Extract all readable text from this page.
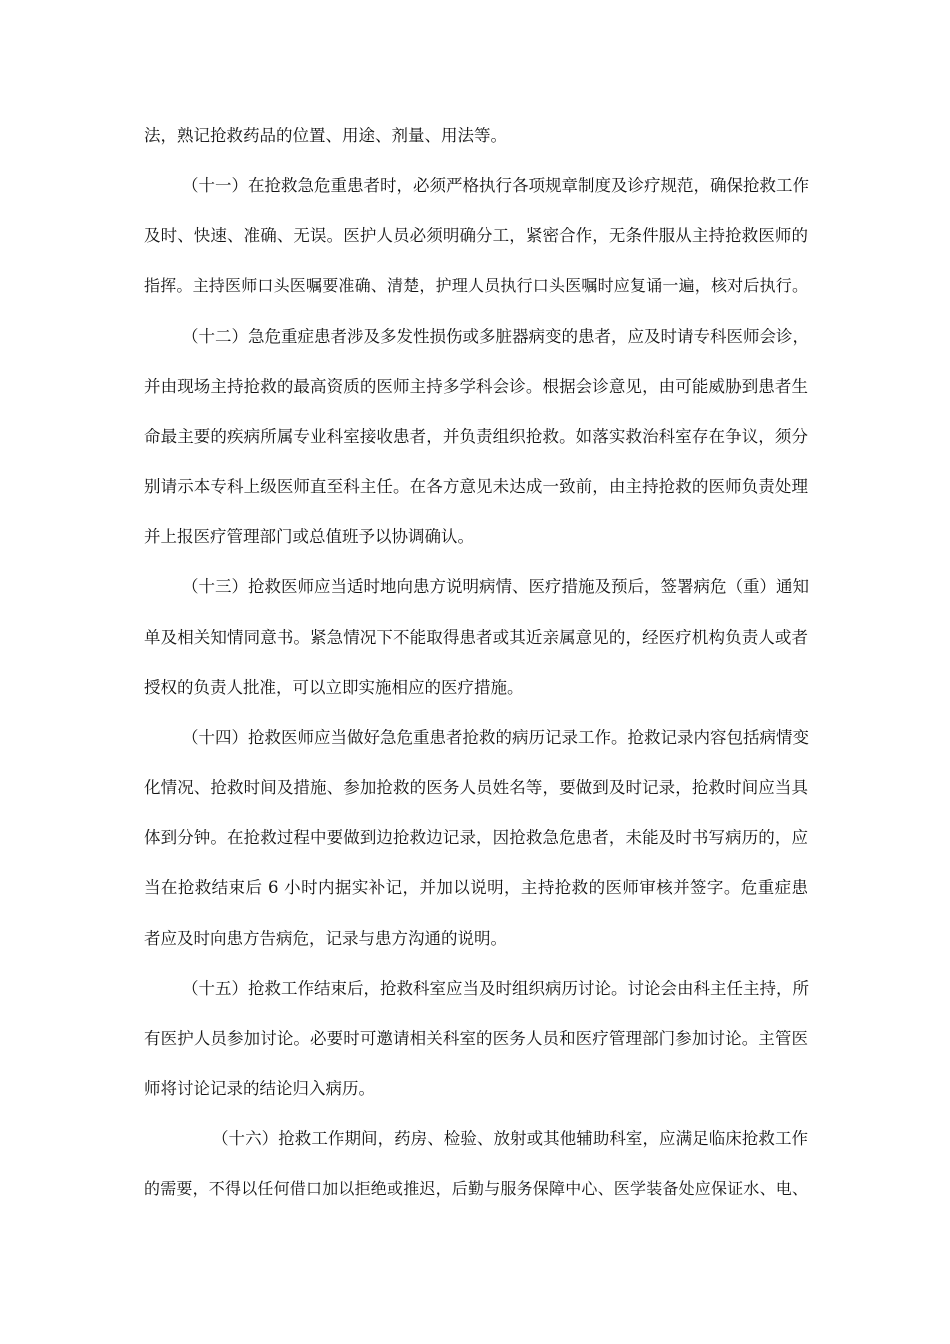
法，熟记抢救药品的位置、用途、剂量、用法等。
（十一）在抢救急危重患者时，必须严格执行各项规章制度及诊疗规范，确保抢救工作
及时、快速、准确、无误。医护人员必须明确分工，紧密合作，无条件服从主持抢救医师的
指挥。主持医师口头医嘱要准确、清楚，护理人员执行口头医嘱时应复诵一遍，核对后执行。
（十二）急危重症患者涉及多发性损伤或多脏器病变的患者，应及时请专科医师会诊，
并由现场主持抢救的最高资质的医师主持多学科会诊。根据会诊意见，由可能威胁到患者生
命最主要的疾病所属专业科室接收患者，并负责组织抢救。如落实救治科室存在争议，须分
别请示本专科上级医师直至科主任。在各方意见未达成一致前，由主持抢救的医师负责处理
并上报医疗管理部门或总值班予以协调确认。
（十三）抢救医师应当适时地向患方说明病情、医疗措施及预后，签署病危（重）通知
单及相关知情同意书。紧急情况下不能取得患者或其近亲属意见的，经医疗机构负责人或者
授权的负责人批准，可以立即实施相应的医疗措施。
（十四）抢救医师应当做好急危重患者抢救的病历记录工作。抢救记录内容包括病情变
化情况、抢救时间及措施、参加抢救的医务人员姓名等，要做到及时记录，抢救时间应当具
体到分钟。在抢救过程中要做到边抢救边记录，因抢救急危患者，未能及时书写病历的，应
当在抢救结束后 6 小时内据实补记，并加以说明，主持抢救的医师审核并签字。危重症患
者应及时向患方告病危，记录与患方沟通的说明。
（十五）抢救工作结束后，抢救科室应当及时组织病历讨论。讨论会由科主任主持，所
有医护人员参加讨论。必要时可邀请相关科室的医务人员和医疗管理部门参加讨论。主管医
师将讨论记录的结论归入病历。
（十六）抢救工作期间，药房、检验、放射或其他辅助科室，应满足临床抢救工作
的需要，不得以任何借口加以拒绝或推迟，后勤与服务保障中心、医学装备处应保证水、电、
